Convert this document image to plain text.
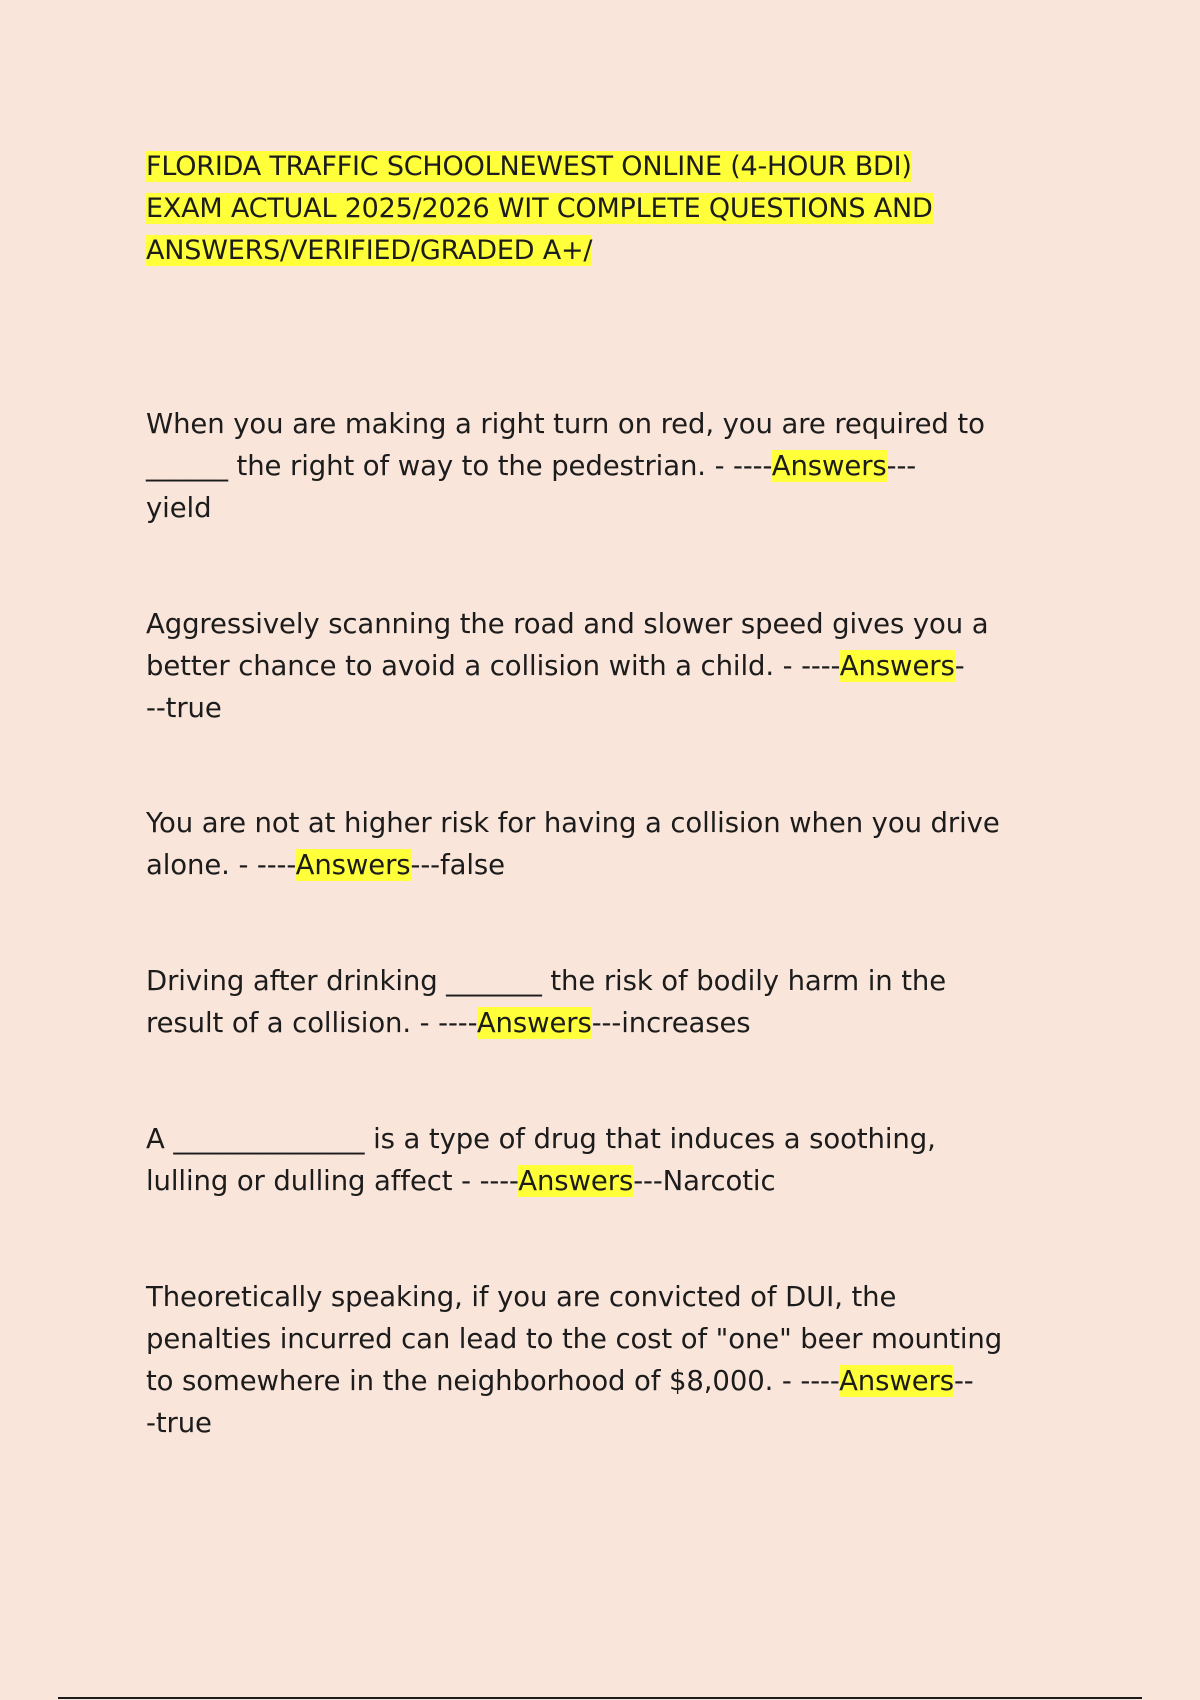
FLORIDA TRAFFIC SCHOOLNEWEST ONLINE (4-HOUR BDI)
EXAM ACTUAL 2025/2026 WIT COMPLETE QUESTIONS AND
ANSWERS/VERIFIED/GRADED A+/

When you are making a right turn on red, you are required to
______ the right of way to the pedestrian. - ----Answers---
yield

Aggressively scanning the road and slower speed gives you a
better chance to avoid a collision with a child. - ----Answers-
--true

You are not at higher risk for having a collision when you drive
alone. - ----Answers---false

Driving after drinking _______ the risk of bodily harm in the
result of a collision. - ----Answers---increases

A ______________ is a type of drug that induces a soothing,
lulling or dulling affect - ----Answers---Narcotic

Theoretically speaking, if you are convicted of DUI, the
penalties incurred can lead to the cost of "one" beer mounting
to somewhere in the neighborhood of $8,000. - ----Answers--
-true
